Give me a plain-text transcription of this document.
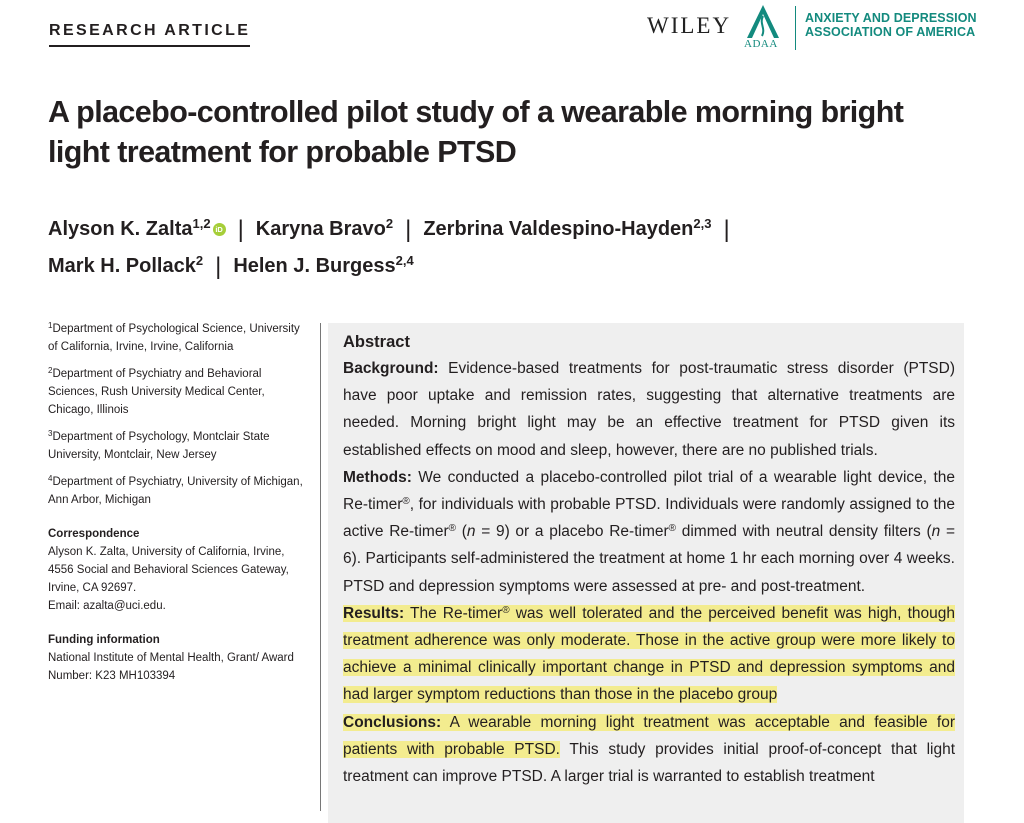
RESEARCH ARTICLE	WILEY
ADAA
ANXIETY AND DEPRESSION
ASSOCIATION OF AMERICA
A placebo-controlled pilot study of a wearable morning bright light treatment for probable PTSD
Alyson K. Zalta$^{1,2}$ iD | Karyna Bravo$^2$ | Zerbrina Valdespino-Hayden$^{2,3}$ |
Mark H. Pollack$^2$ | Helen J. Burgess$^{2,4}$

$^1$Department of Psychological Science, University of California, Irvine, Irvine, California

$^2$Department of Psychiatry and Behavioral Sciences, Rush University Medical Center, Chicago, Illinois

$^3$Department of Psychology, Montclair State University, Montclair, New Jersey

$^4$Department of Psychiatry, University of Michigan, Ann Arbor, Michigan

Correspondence
Alyson K. Zalta, University of California, Irvine, 4556 Social and Behavioral Sciences Gateway, Irvine, CA 92697.
Email: azalta@uci.edu.
Funding information
National Institute of Mental Health, Grant/ Award Number: K23 MH103394

Abstract

Background: Evidence-based treatments for post-traumatic stress disorder (PTSD) have poor uptake and remission rates, suggesting that alternative treatments are needed. Morning bright light may be an effective treatment for PTSD given its established effects on mood and sleep, however, there are no published trials.

Methods: We conducted a placebo-controlled pilot trial of a wearable light device, the Re-timer®, for individuals with probable PTSD. Individuals were randomly assigned to the active Re-timer® (n = 9) or a placebo Re-timer® dimmed with neutral density filters (n = 6). Participants self-administered the treatment at home 1 hr each morning over 4 weeks. PTSD and depression symptoms were assessed at pre- and post-treatment.

Results: The Re-timer® was well tolerated and the perceived benefit was high, though treatment adherence was only moderate. Those in the active group were more likely to achieve a minimal clinically important change in PTSD and depression symptoms and had larger symptom reductions than those in the placebo group

Conclusions: A wearable morning light treatment was acceptable and feasible for patients with probable PTSD. This study provides initial proof-of-concept that light treatment can improve PTSD. A larger trial is warranted to establish treatment
